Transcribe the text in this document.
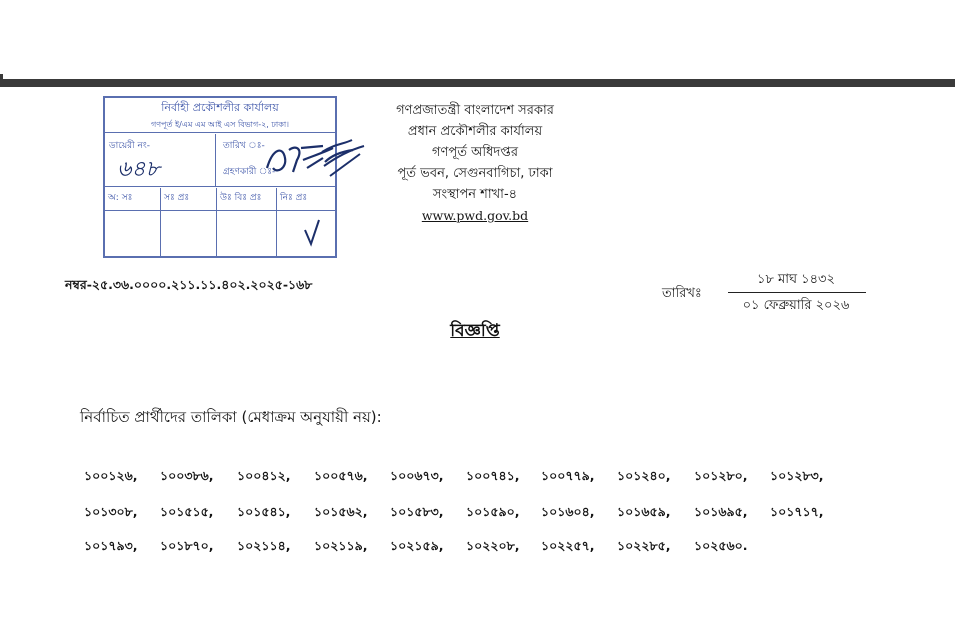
নির্বাহী প্রকৌশলীর কার্যালয়
গণপূর্ত ই/এম এম আই এস বিভাগ-২, ঢাকা।
ডায়েরী নং-
৬৪৮
তারিখ ঃ-
গ্রহণকারী ঃ-
অ: সঃ	সঃ প্রঃ	উঃ বিঃ প্রঃ নিঃ প্রঃ
গণপ্রজাতন্ত্রী বাংলাদেশ সরকার
প্রধান প্রকৌশলীর কার্যালয়
গণপূর্ত অধিদপ্তর
পূর্ত ভবন, সেগুনবাগিচা, ঢাকা
সংস্থাপন শাখা-৪
www.pwd.gov.bd
নম্বর-২৫.৩৬.০০০০.২১১.১১.৪০২.২০২৫-১৬৮
তারিখঃ
১৮ মাঘ ১৪৩২
০১ ফেব্রুয়ারি ২০২৬
বিজ্ঞপ্তি
নির্বাচিত প্রার্থীদের তালিকা (মেধাক্রম অনুযায়ী নয়):
১০০১২৬, ১০০৩৮৬, ১০০৪১২, ১০০৫৭৬, ১০০৬৭৩, ১০০৭৪১, ১০০৭৭৯, ১০১২৪০, ১০১২৮০, ১০১২৮৩,
১০১৩০৮, ১০১৫১৫, ১০১৫৪১, ১০১৫৬২, ১০১৫৮৩, ১০১৫৯০, ১০১৬০৪, ১০১৬৫৯, ১০১৬৯৫, ১০১৭১৭,
১০১৭৯৩, ১০১৮৭০, ১০২১১৪, ১০২১১৯, ১০২১৫৯, ১০২২০৮, ১০২২৫৭, ১০২২৮৫, ১০২৫৬০.
